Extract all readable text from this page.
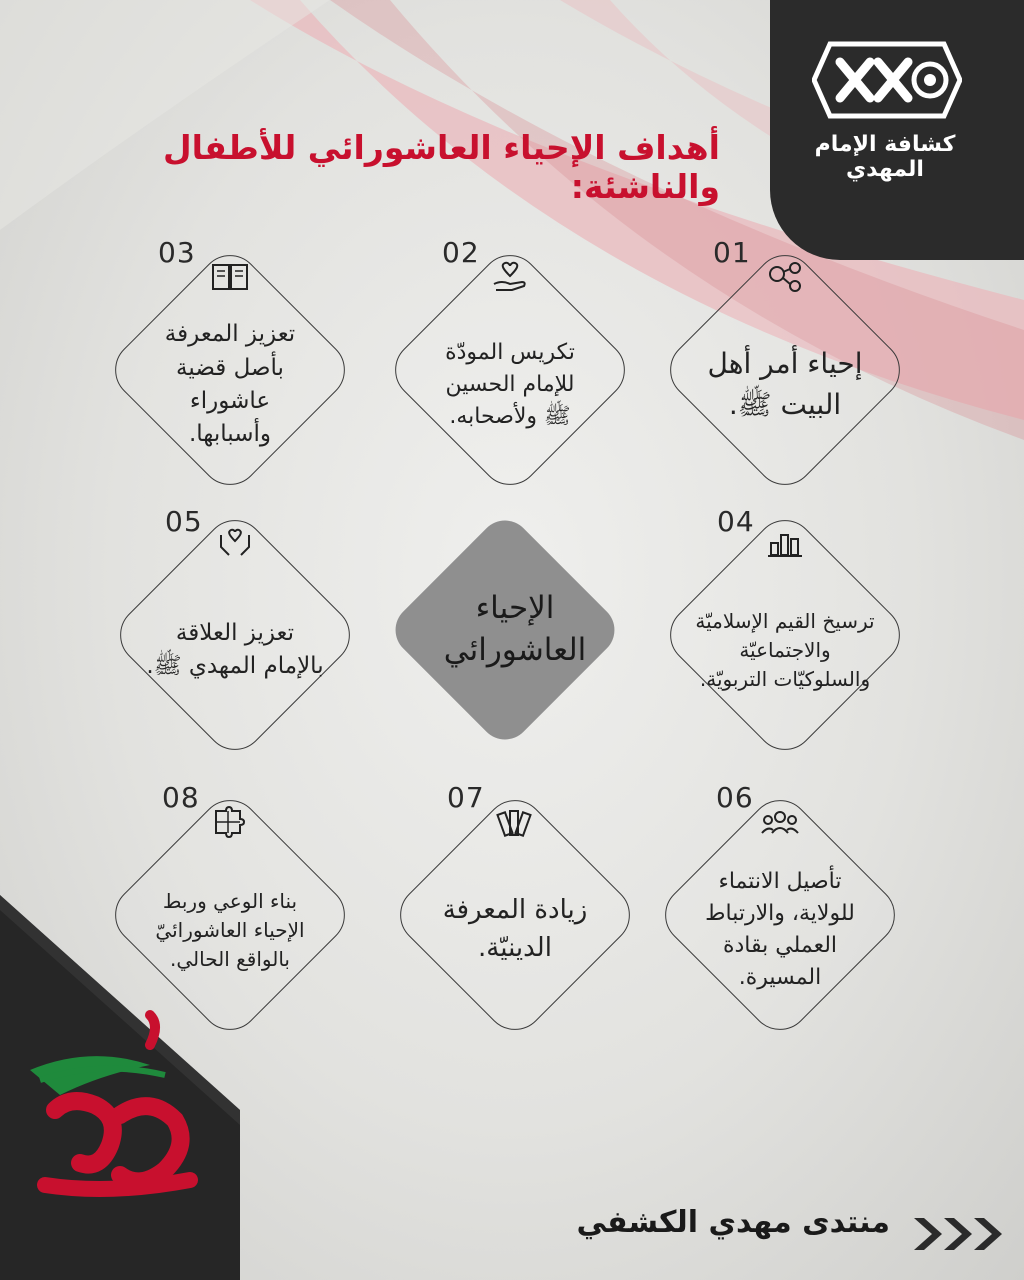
كشافة الإمام المهدي
أهداف الإحياء العاشورائي للأطفال والناشئة:
01
إحياء أمر أهل البيت ﷺ.
02
تكريس المودّة للإمام الحسين ﷺ ولأصحابه.
03
تعزيز المعرفة بأصل قضية عاشوراء وأسبابها.
04
ترسيخ القيم الإسلاميّة والاجتماعيّة والسلوكيّات التربويّة.
05
تعزيز العلاقة بالإمام المهدي ﷺ.
الإحياء العاشورائي
06
تأصيل الانتماء للولاية، والارتباط العملي بقادة المسيرة.
07
زيادة المعرفة الدينيّة.
08
بناء الوعي وربط الإحياء العاشورائيّ بالواقع الحالي.
منتدى مهدي الكشفي
